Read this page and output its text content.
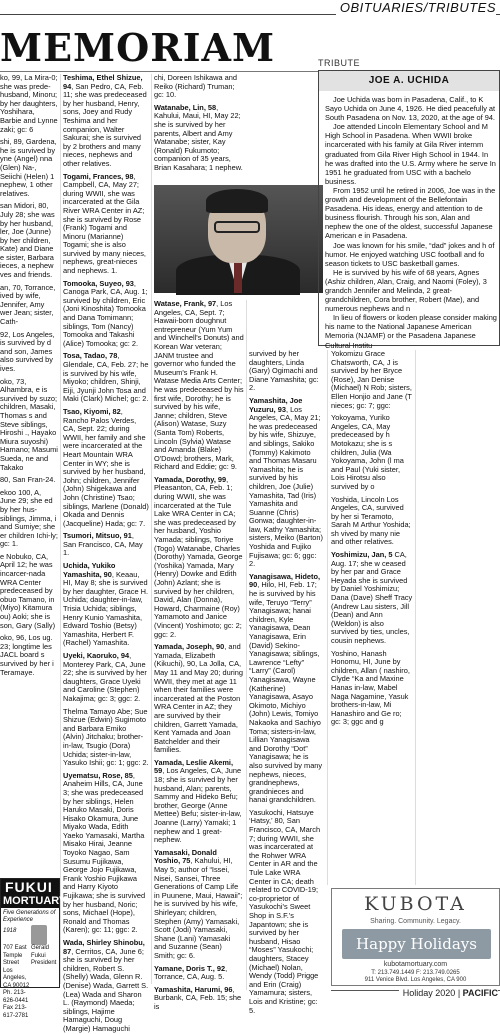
OBITUARIES/TRIBUTES
MEMORIAM	TRIBUTE

ko, 99, La Mira-0; she was prede-husband, Minoru; by her daughters, Yoshihara, Barbie and Lynne zaki; gc: 6

shi, 89, Gardena, he is survived by yne (Angel) nna (Glen) Na-, Seiichi (Helen) 1 nephew, 1 other relatives.

san Midori, 80, July 28; she was by her husband, ler, Joe (Junne) by her children, Kate) and Diane e sister, Barbara ieces, a nephew ves and friends.

an, 70, Torrance, ived by wife, Jennifer, Amy wer Jean; sister, Cath-

92, Los Angeles, is survived by d and son, James also survived by ives.

oko, 73, Alhambra, e is survived by suzo; children, Masaki, Thomas s and Steve siblings, Hiroshi ., Hayako Miura suyoshi) Hamano; Masumi Sueda, ne and Takako

80, San Fran-24.

ekoo 100, A, June 29; she ed by her hus-siblings, Jimma, i and Sumiye; she er children Ichi-ly; gc: 1.

e Nobuko, CA, April 12; he was incarcer-nada WRA Center predeceased by obuo Tamano, in (Miyo) Kitamura ou) Aoki; she is son, Gary (Sally)

oko, 96, Los ug. 23; longtime les JACL board s survived by her i Teramaye.

Teshima, Ethel Shizue, 94, San Pedro, CA, Feb. 11; she was predeceased by her husband, Henry, sons, Joey and Rudy Teshima and her companion, Walter Sakurai; she is survived by 2 brothers and many nieces, nephews and other relatives.

Togami, Frances, 98, Campbell, CA, May 27; during WWII, she was incarcerated at the Gila River WRA Center in AZ; she is survived by Rose (Frank) Togami and Minoru (Marianne) Togami; she is also survived by many nieces, nephews, great-nieces and nephews. 1.

Tomooka, Suyeo, 93, Canoga Park, CA, Aug. 1; survived by children, Eric (Joni Kinoshita) Tomooka and Dana Tomimann; siblings, Tom (Nancy) Tomooka and Takashi (Alice) Tomooka; gc: 2.

Tosa, Tadao, 78, Glendale, CA, Feb. 27; he is survived by his wife, Miyoko; children, Shinji, Eiji, Jyunji John Tosa and Maki (Clark) Michel; gc: 2.

Tsao, Kiyomi, 82, Rancho Palos Verdes, CA, Sept. 22; during WWII, her family and she were incarcerated at the Heart Mountain WRA Center in WY; she is survived by her husband, John; children, Jennifer (John) Shigekawa and John (Christine) Tsao; siblings, Marlene (Donald) Okada and Dennis (Jacqueline) Hada; gc: 7.

Tsumori, Mitsuo, 91, San Francisco, CA, May 1.

Uchida, Yukiko Yamashita, 90, Keaau, HI, May 8; she is survived by her daughter, Grace H. Uchida; daughter-in-law, Trisia Uchida; siblings, Henry Kunio Yamashita, Edward Toshio (Betsy) Yamashita, Herbert F. (Rachel) Yamashita.

Uyeki, Kaoruko, 94, Monterey Park, CA, June 22; she is survived by her daughters, Grace Uyeki and Caroline (Stephen) Nakajima; gc: 3; ggc: 2.

Thelma Tamayo Abe; Sue Shizue (Edwin) Sugimoto and Barbara Emiko (Alvin) Jitchaku; brother-in-law, Tsugio (Dora) Uchida; sister-in-law, Yasuko Ishii; gc: 1; ggc: 2.

Uyematsu, Rose, 85, Anaheim Hills, CA, June 3; she was predeceased by her siblings, Helen Haruko Masaki, Doris Hisako Okamura, June Miyako Wada, Edith Yaeko Yamasaki, Martha Misako Hirai, Jeanne Toyoko Nagao, Sam Susumu Fujikawa, George Jojo Fujikawa, Frank Yoshio Fujikawa and Harry Kiyoto Fujikawa; she is survived by her husband, Noric; sons, Michael (Hope), Ronald and Thomas (Karen); gc: 11; ggc: 2.

Wada, Shirley Shinobu, 87, Cerritos, CA, June 6; she is survived by her children, Robert S. (Shelly) Wada, Glenn R. (Denise) Wada, Garrett S. (Lea) Wada and Sharon L. (Raymond) Maeda; siblings, Hajime Hamaguchi, Doug (Margie) Hamaguchi

chi, Doreen Ishikawa and Reiko (Richard) Truman; gc: 10.

Watanabe, Lin, 58, Kahului, Maui, HI, May 22; she is survived by her parents, Albert and Amy Watanabe; sister, Kay (Ronald) Fukumoto; companion of 35 years, Brian Kasahara; 1 nephew.

Watase, Frank, 97, Los Angeles, CA, Sept. 7; Hawaii-born doughnut entrepreneur (Yum Yum and Winchell's Donuts) and Korean War veteran; JANM trustee and governor who funded the Museum's Frank H. Watase Media Arts Center; he was predeceased by his first wife, Dorothy; he is survived by his wife, Janne; children, Steve (Alison) Watase, Suzy (Santa Tom) Roberts, Lincoln (Sylvia) Watase and Amanda (Blake) O'Dowd; brothers, Mark, Richard and Eddie; gc: 9.

Yamada, Dorothy, 99, Pleasanton, CA, Feb. 1; during WWII, she was incarcerated at the Tule Lake WRA Center in CA; she was predeceased by her husband, Yoshio Yamada; siblings, Toriye (Togo) Watanabe, Charles (Dorothy) Yamada, George (Yoshika) Yamada, Mary (Henry) Dowke and Edith (John) Azlant; she is survived by her children, David, Alan (Donna), Howard, Charmaine (Roy) Yamamoto and Janice (Vincent) Yoshimoto; gc: 2; ggc: 2.

Yamada, Joseph, 90, and Yamada, Elizabeth (Kikuchi), 90, La Jolla, CA, May 11 and May 20; during WWII, they met at age 11 when their families were incarcerated at the Poston WRA Center in AZ; they are survived by their children, Garrett Yamada, Kent Yamada and Joan Batchelder and their families.

Yamada, Leslie Akemi, 59, Los Angeles, CA, June 18; she is survived by her husband, Alan; parents, Sammy and Hideko Befu; brother, George (Anne Mettee) Befu; sister-in-law, Joanne (Larry) Yamaki; 1 nephew and 1 great-nephew.

Yamasaki, Donald Yoshio, 75, Kahului, HI, May 5; author of “Issei, Nisei, Sansei, Three Generations of Camp Life in Puunene, Maui, Hawaii”; he is survived by his wife, Shirleyan; children, Stephen (Amy) Yamasaki, Scott (Jodi) Yamasaki, Shane (Lani) Yamasaki and Suzanne (Sean) Smith; gc: 6.

Yamane, Doris T., 92, Torrance, CA, Aug. 5.

Yamashita, Harumi, 96, Burbank, CA, Feb. 15; she is

survived by her daughters, Linda (Gary) Ogimachi and Diane Yamashita; gc: 2.

Yamashita, Joe Yuzuru, 93, Los Angeles, CA, May 21; he was predeceased by his wife, Shizuye, and siblings, Sakiko (Tommy) Kakimoto and Thomas Masaru Yamashita; he is survived by his children, Joe (Julie) Yamashita, Tad (Iris) Yamashita and Suanne (Chris) Gonwa; daughter-in-law, Kathy Yamashita; sisters, Meiko (Barton) Yoshida and Fujiko Fujisawa; gc: 6; ggc: 2.

Yanagisawa, Hideto, 90, Hilo, HI, Feb. 17; he is survived by his wife, Teruyo “Terry” Yanagisawa; hanai children, Kyle Yanagisawa, Dean Yanagisawa, Erin (David) Sekino-Yanagisawa; siblings, Lawrence “Lefty” “Larry” (Carol) Yanagisawa, Wayne (Katherine) Yanagisawa, Asayo Okimoto, Michiyo (John) Lewis, Tomiyo Nakaoka and Sachiyo Toma; sisters-in-law, Lillian Yanagisawa and Dorothy “Dot” Yanagisawa; he is also survived by many nephews, nieces, grandnephews, grandnieces and hanai grandchildren.

Yasukochi, Hatsuye ‘Hatsy,’ 80, San Francisco, CA, March 7; during WWII, she was incarcerated at the Rohwer WRA Center in AR and the Tule Lake WRA Center in CA; death related to COVID-19; co-proprietor of Yasukochi's Sweet Shop in S.F.'s Japantown; she is survived by her husband, Hisao “Moses” Yasukochi; daughters, Stacey (Michael) Nolan, Wendy (Todd) Prigge and Erin (Craig) Yamamura; sisters, Lois and Kristine; gc: 5.

JOE A. UCHIDA

Joe Uchida was born in Pasadena, Calif., to K Sayo Uchida on June 4, 1926. He died peacefully at South Pasadena on Nov. 13, 2020, at the age of 94.

Joe attended Lincoln Elementary School and M High School in Pasadena. When WWII broke incarcerated with his family at Gila River internm graduated from Gila River High School in 1944. In he was drafted into the U.S. Army where he serve In 1951 he graduated from USC with a bachelo business.

From 1952 until he retired in 2006, Joe was in the growth and development of the Bellefontain Pasadena. His ideas, energy and attention to de business flourish. Through his son, Alan and nephew the one of the oldest, successful Japanese American e in Pasadena.

Joe was known for his smile, “dad” jokes and h of humor. He enjoyed watching USC football and fo season tickets to USC basketball games.

He is survived by his wife of 68 years, Agnes (Ashiz children, Alan, Craig, and Naomi (Foley), 3 grandch Jennifer and Melinda, 2 great-grandchildren, Cora brother, Robert (Mae), and numerous nephews and n

In lieu of flowers or koden please consider making his name to the National Japanese American Memoria (NJAMF) or the Pasadena Japanese Cultural Institu

Yokomizu Grace Chatsworth, CA, J is survived by her Bryce (Rose), Jan Denise (Michael) N Rob; sisters, Ellen Honjio and Jane (T nieces; gc: 7; ggc:

Yokoyama, Yuriko Angeles, CA, May predeceased by h Motokazu; she is s children, Julia (Wa Yokoyama, John (l ma and Paul (Yuki sister, Lois Hirotsu also survived by o

Yoshida, Lincoln Los Angeles, CA, survived by her si Teramoto, Sarah M Arthur Yoshida; sh vived by many nie and other relatives.

Yoshimizu, Jan, 5 CA, Aug. 17; she w ceased by her par and Grace Heyada she is survived by Daniel Yoshimizu; Dana (Dave) Sheff Tracy (Andrew Lau sisters, Jill (Dean) and Ann (Weldon) is also survived by ties, uncles, cousin nephews.

Yoshino, Hanash Honomu, HI, June by children, Allan ( nashiro, Clyde “Ka and Maxine Hanas in-law, Mabel Naga Nagamine, Yasuk brothers-in-law, Mi Hanashiro and Ge ro; gc: 3; ggc and g

FUKUI
MORTUARY
Five Generations of Experience
1918
707 East Temple Street
Los Angeles, CA 90012
Ph. 213-626-0441
Fax 213-617-2781
Gerald
Fukui
President
KUBOTA
Sharing. Community. Legacy.
Happy Holidays
kubotamortuary.com
T: 213.749.1449 F: 213.749.0265
911 Venice Blvd. Los Angeles, CA 900
Holiday 2020 | PACIFIC
